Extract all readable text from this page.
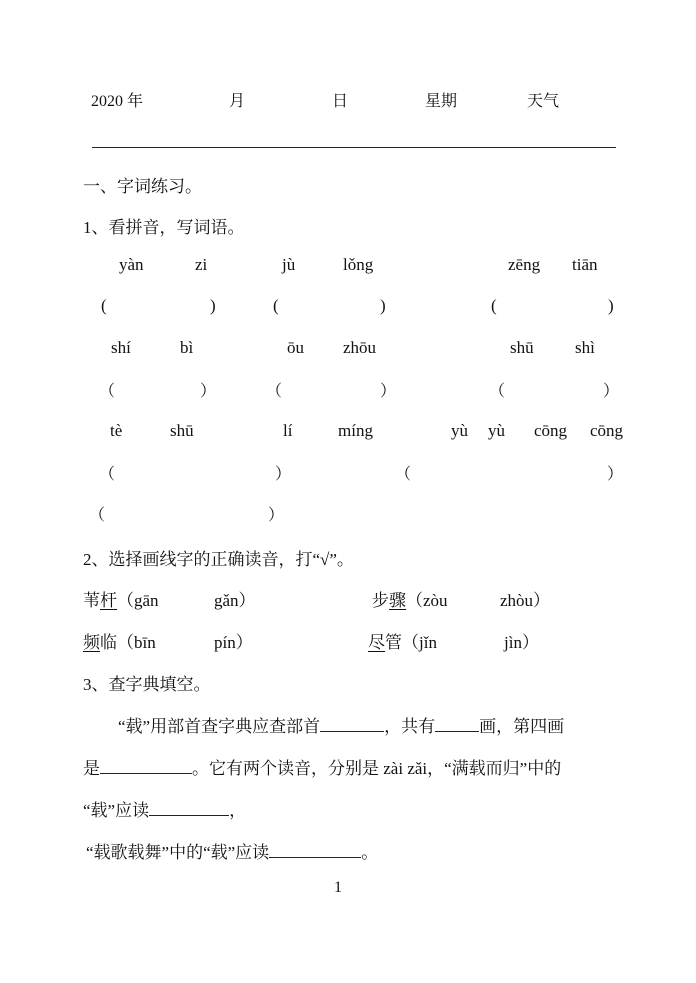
2020 年	月	日	星期	天气
一、字词练习。
1、看拼音，写词语。
yàn	zi	jù	lǒng	zēng tiān
(	)	(	)	(	)
shí	bì	ōu zhōu	shū shì
（	）	（	）	（	）
tè	shū	lí	míng	yù yù cōng cōng
（	）	（	）
（	）
2、选择画线字的正确读音，打“√”。
苇杆（gān	gǎn）	步骤（zòu	zhòu）
频临（bīn	pín）	尽管（jǐn	jìn）
3、查字典填空。
“载”用部首查字典应查部首	，共有	画，第四画
是	。它有两个读音，分别是 zài zǎi，“满载而归”中的
“载”应读	，
“载歌载舞”中的“载”应读	。
1
